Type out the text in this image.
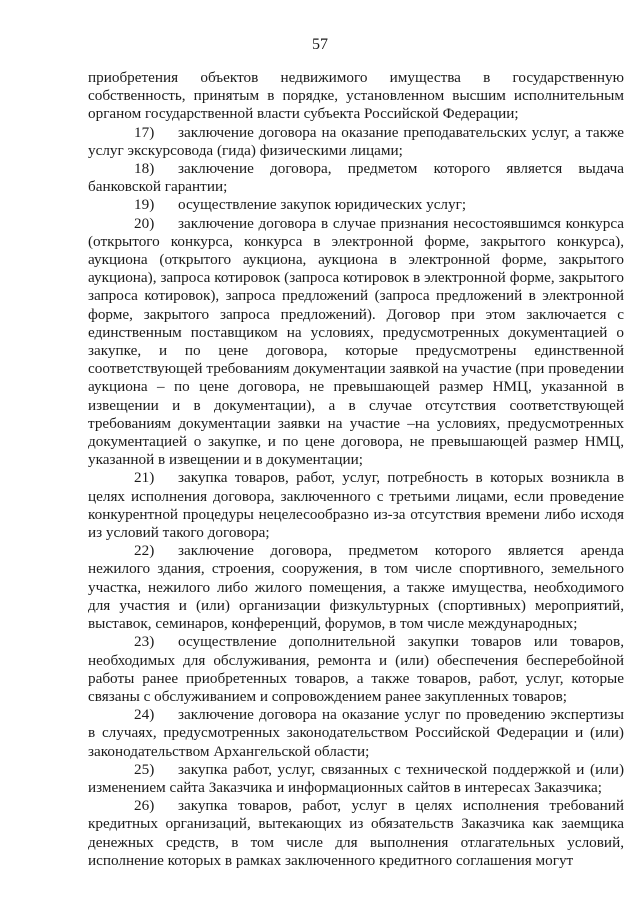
57

приобретения объектов недвижимого имущества в государственную собственность, принятым в порядке, установленном высшим исполнительным органом государственной власти субъекта Российской Федерации;

17) заключение договора на оказание преподавательских услуг, а также услуг экскурсовода (гида) физическими лицами;

18) заключение договора, предметом которого является выдача банковской гарантии;

19) осуществление закупок юридических услуг;

20) заключение договора в случае признания несостоявшимся конкурса (открытого конкурса, конкурса в электронной форме, закрытого конкурса), аукциона (открытого аукциона, аукциона в электронной форме, закрытого аукциона), запроса котировок (запроса котировок в электронной форме, закрытого запроса котировок), запроса предложений (запроса предложений в электронной форме, закрытого запроса предложений). Договор при этом заключается с единственным поставщиком на условиях, предусмотренных документацией о закупке, и по цене договора, которые предусмотрены единственной соответствующей требованиям документации заявкой на участие (при проведении аукциона – по цене договора, не превышающей размер НМЦ, указанной в извещении и в документации), а в случае отсутствия соответствующей требованиям документации заявки на участие –на условиях, предусмотренных документацией о закупке, и по цене договора, не превышающей размер НМЦ, указанной в извещении и в документации;

21) закупка товаров, работ, услуг, потребность в которых возникла в целях исполнения договора, заключенного с третьими лицами, если проведение конкурентной процедуры нецелесообразно из-за отсутствия времени либо исходя из условий такого договора;

22) заключение договора, предметом которого является аренда нежилого здания, строения, сооружения, в том числе спортивного, земельного участка, нежилого либо жилого помещения, а также имущества, необходимого для участия и (или) организации физкультурных (спортивных) мероприятий, выставок, семинаров, конференций, форумов, в том числе международных;

23) осуществление дополнительной закупки товаров или товаров, необходимых для обслуживания, ремонта и (или) обеспечения бесперебойной работы ранее приобретенных товаров, а также товаров, работ, услуг, которые связаны с обслуживанием и сопровождением ранее закупленных товаров;

24) заключение договора на оказание услуг по проведению экспертизы в случаях, предусмотренных законодательством Российской Федерации и (или) законодательством Архангельской области;

25) закупка работ, услуг, связанных с технической поддержкой и (или) изменением сайта Заказчика и информационных сайтов в интересах Заказчика;

26) закупка товаров, работ, услуг в целях исполнения требований кредитных организаций, вытекающих из обязательств Заказчика как заемщика денежных средств, в том числе для выполнения отлагательных условий, исполнение которых в рамках заключенного кредитного соглашения могут
